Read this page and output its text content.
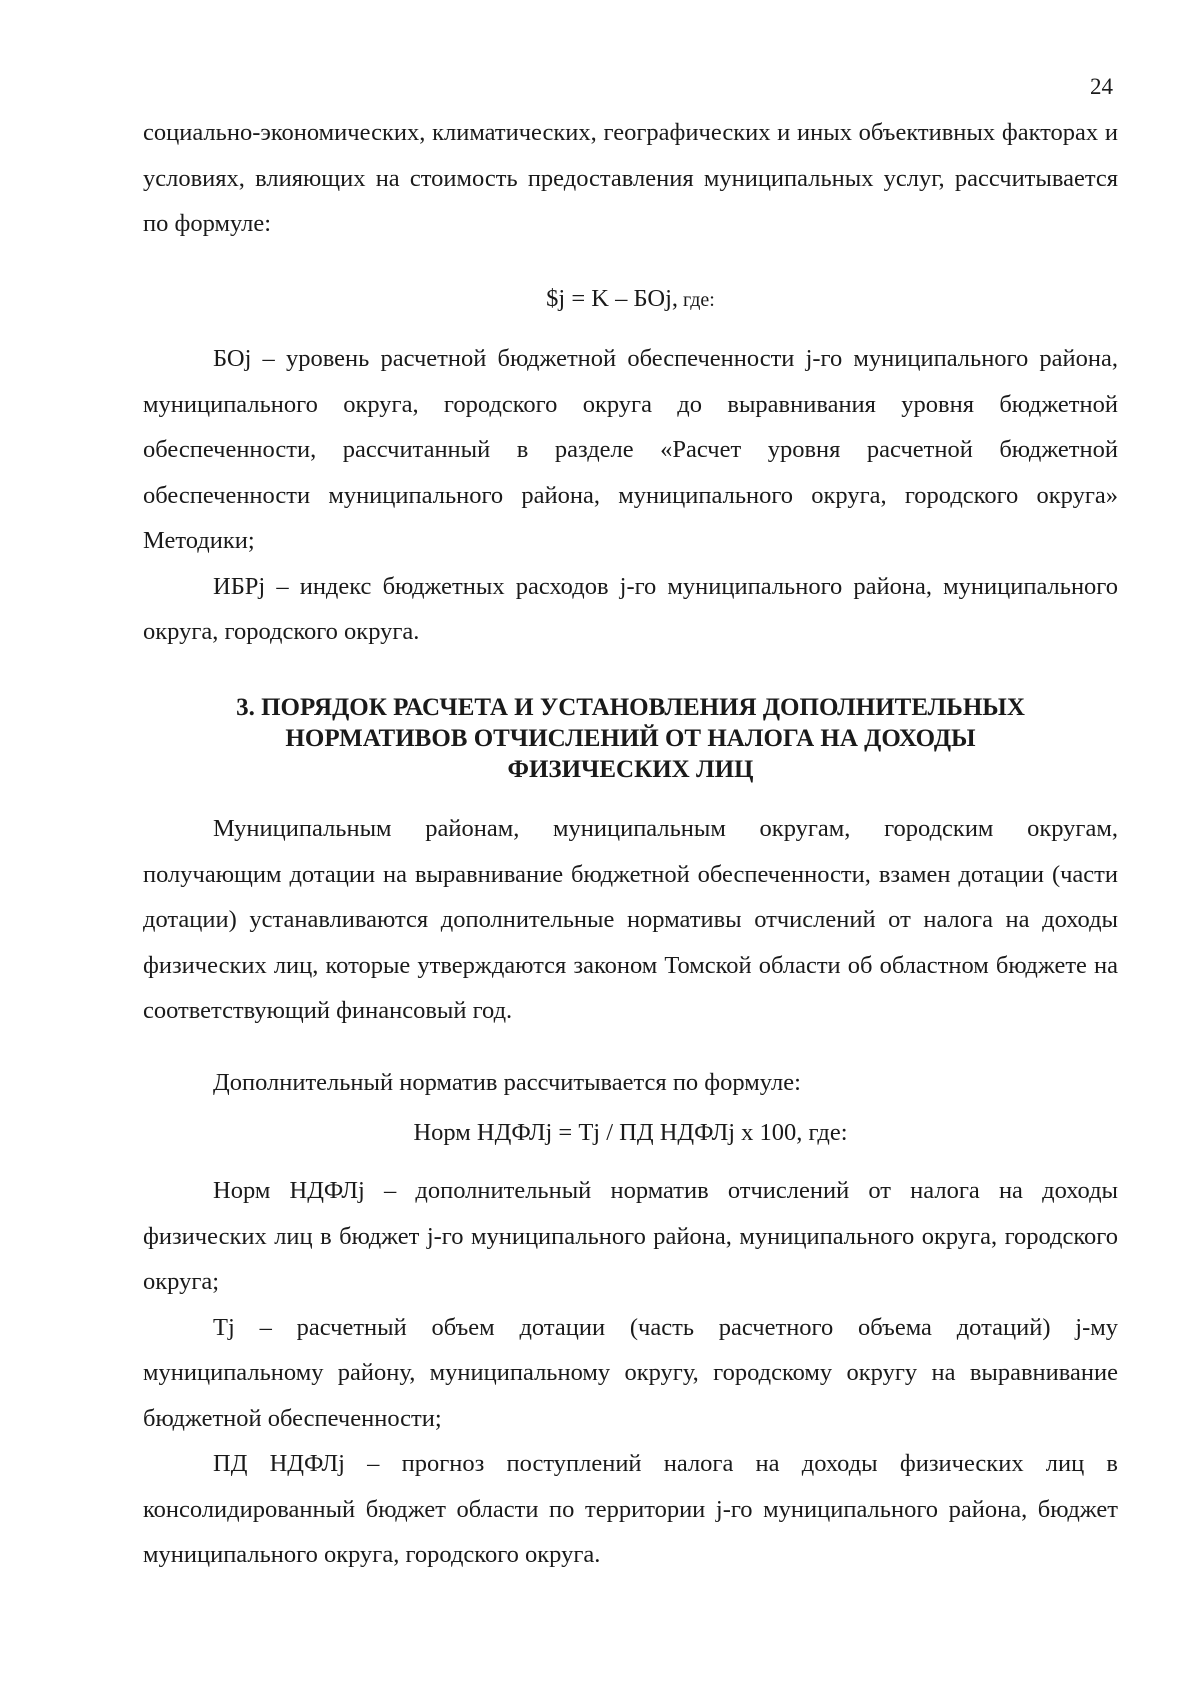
24

социально-экономических, климатических, географических и иных объективных факторах и условиях, влияющих на стоимость предоставления муниципальных услуг, рассчитывается по формуле:

$j = K – БОj, где:

БОj – уровень расчетной бюджетной обеспеченности j-го муниципального района, муниципального округа, городского округа до выравнивания уровня бюджетной обеспеченности, рассчитанный в разделе «Расчет уровня расчетной бюджетной обеспеченности муниципального района, муниципального округа, городского округа» Методики;

ИБРj – индекс бюджетных расходов j-го муниципального района, муниципального округа, городского округа.

3. ПОРЯДОК РАСЧЕТА И УСТАНОВЛЕНИЯ ДОПОЛНИТЕЛЬНЫХ
НОРМАТИВОВ ОТЧИСЛЕНИЙ ОТ НАЛОГА НА ДОХОДЫ
ФИЗИЧЕСКИХ ЛИЦ

Муниципальным районам, муниципальным округам, городским округам, получающим дотации на выравнивание бюджетной обеспеченности, взамен дотации (части дотации) устанавливаются дополнительные нормативы отчислений от налога на доходы физических лиц, которые утверждаются законом Томской области об областном бюджете на соответствующий финансовый год.

Дополнительный норматив рассчитывается по формуле:

Норм НДФЛj = Тj / ПД НДФЛj х 100, где:

Норм НДФЛj – дополнительный норматив отчислений от налога на доходы физических лиц в бюджет j-го муниципального района, муниципального округа, городского округа;

Тj – расчетный объем дотации (часть расчетного объема дотаций) j-му муниципальному району, муниципальному округу, городскому округу на выравнивание бюджетной обеспеченности;

ПД НДФЛj – прогноз поступлений налога на доходы физических лиц в консолидированный бюджет области по территории j-го муниципального района, бюджет муниципального округа, городского округа.
